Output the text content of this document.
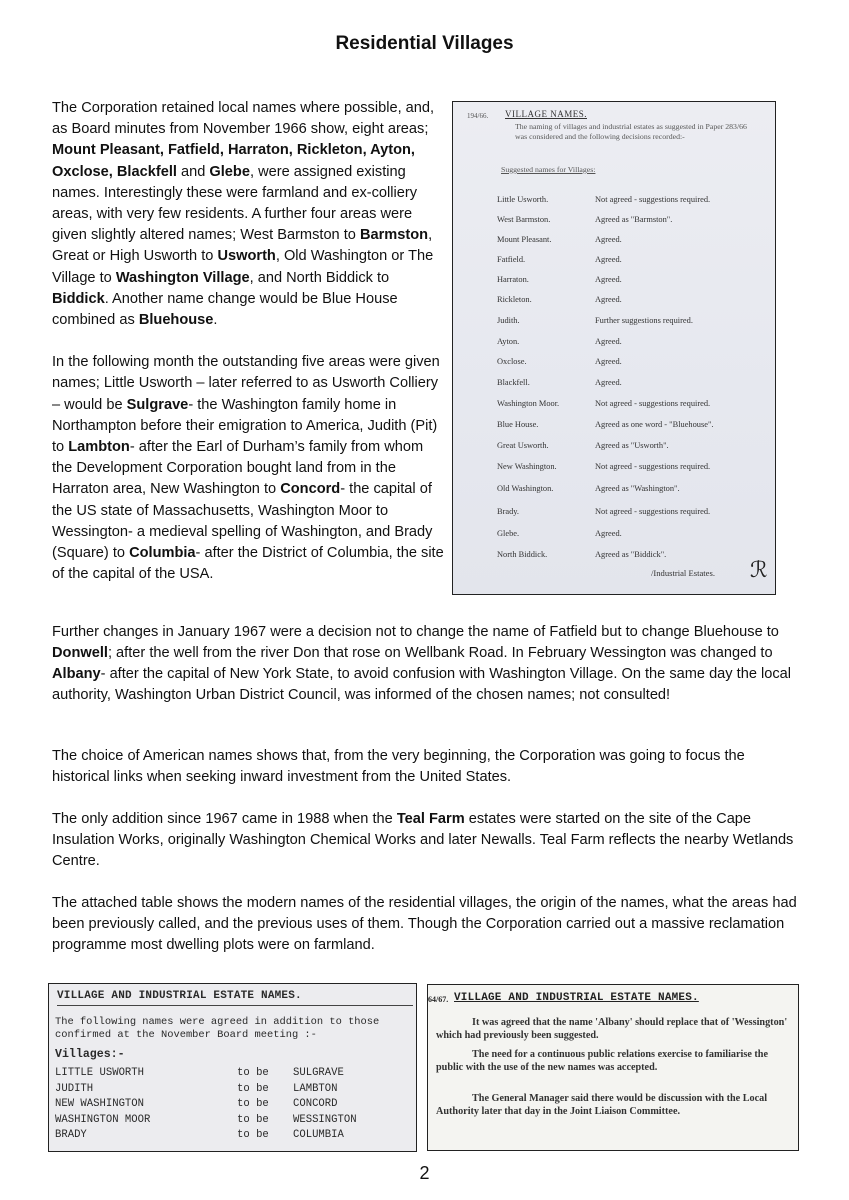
Residential Villages

The Corporation retained local names where possible, and, as Board minutes from November 1966 show, eight areas; Mount Pleasant, Fatfield, Harraton, Rickleton, Ayton, Oxclose, Blackfell and Glebe, were assigned existing names. Interestingly these were farmland and ex-colliery areas, with very few residents. A further four areas were given slightly altered names; West Barmston to Barmston, Great or High Usworth to Usworth, Old Washington or The Village to Washington Village, and North Biddick to Biddick. Another name change would be Blue House combined as Bluehouse.

In the following month the outstanding five areas were given names; Little Usworth – later referred to as Usworth Colliery – would be Sulgrave- the Washington family home in Northampton before their emigration to America, Judith (Pit) to Lambton- after the Earl of Durham’s family from whom the Development Corporation bought land from in the Harraton area, New Washington to Concord- the capital of the US state of Massachusetts, Washington Moor to Wessington- a medieval spelling of Washington, and Brady (Square) to Columbia- after the District of Columbia, the site of the capital of the USA.

194/66. VILLAGE NAMES.
The naming of villages and industrial estates as suggested in Paper 283/66 was considered and the following decisions recorded:-
Suggested names for Villages:
Little Usworth.	Not agreed - suggestions required.
West Barmston.	Agreed as "Barmston".
Mount Pleasant.	Agreed.
Fatfield.	Agreed.
Harraton.	Agreed.
Rickleton.	Agreed.
Judith.	Further suggestions required.
Ayton.	Agreed.
Oxclose.	Agreed.
Blackfell.	Agreed.
Washington Moor.	Not agreed - suggestions required.
Blue House.	Agreed as one word - "Bluehouse".
Great Usworth.	Agreed as "Usworth".
New Washington.	Not agreed - suggestions required.
Old Washington.	Agreed as "Washington".
Brady.	Not agreed - suggestions required.
Glebe.	Agreed.
North Biddick.	Agreed as "Biddick".
/Industrial Estates. ℛ

Further changes in January 1967 were a decision not to change the name of Fatfield but to change Bluehouse to Donwell; after the well from the river Don that rose on Wellbank Road. In February Wessington was changed to Albany- after the capital of New York State, to avoid confusion with Washington Village. On the same day the local authority, Washington Urban District Council, was informed of the chosen names; not consulted!

The choice of American names shows that, from the very beginning, the Corporation was going to focus the historical links when seeking inward investment from the United States.

The only addition since 1967 came in 1988 when the Teal Farm estates were started on the site of the Cape Insulation Works, originally Washington Chemical Works and later Newalls. Teal Farm reflects the nearby Wetlands Centre.

The attached table shows the modern names of the residential villages, the origin of the names, what the areas had been previously called, and the previous uses of them. Though the Corporation carried out a massive reclamation programme most dwelling plots were on farmland.

VILLAGE AND INDUSTRIAL ESTATE NAMES.
The following names were agreed in addition to those confirmed at the November Board meeting :-
Villages:-
LITTLE USWORTH	to be SULGRAVE
JUDITH	to be LAMBTON
NEW WASHINGTON	to be CONCORD
WASHINGTON MOOR	to be WESSINGTON
BRADY	to be COLUMBIA
64/67. VILLAGE AND INDUSTRIAL ESTATE NAMES.

It was agreed that the name 'Albany' should replace that of 'Wessington' which had previously been suggested.

The need for a continuous public relations exercise to familiarise the public with the use of the new names was accepted.

The General Manager said there would be discussion with the Local Authority later that day in the Joint Liaison Committee.

2
